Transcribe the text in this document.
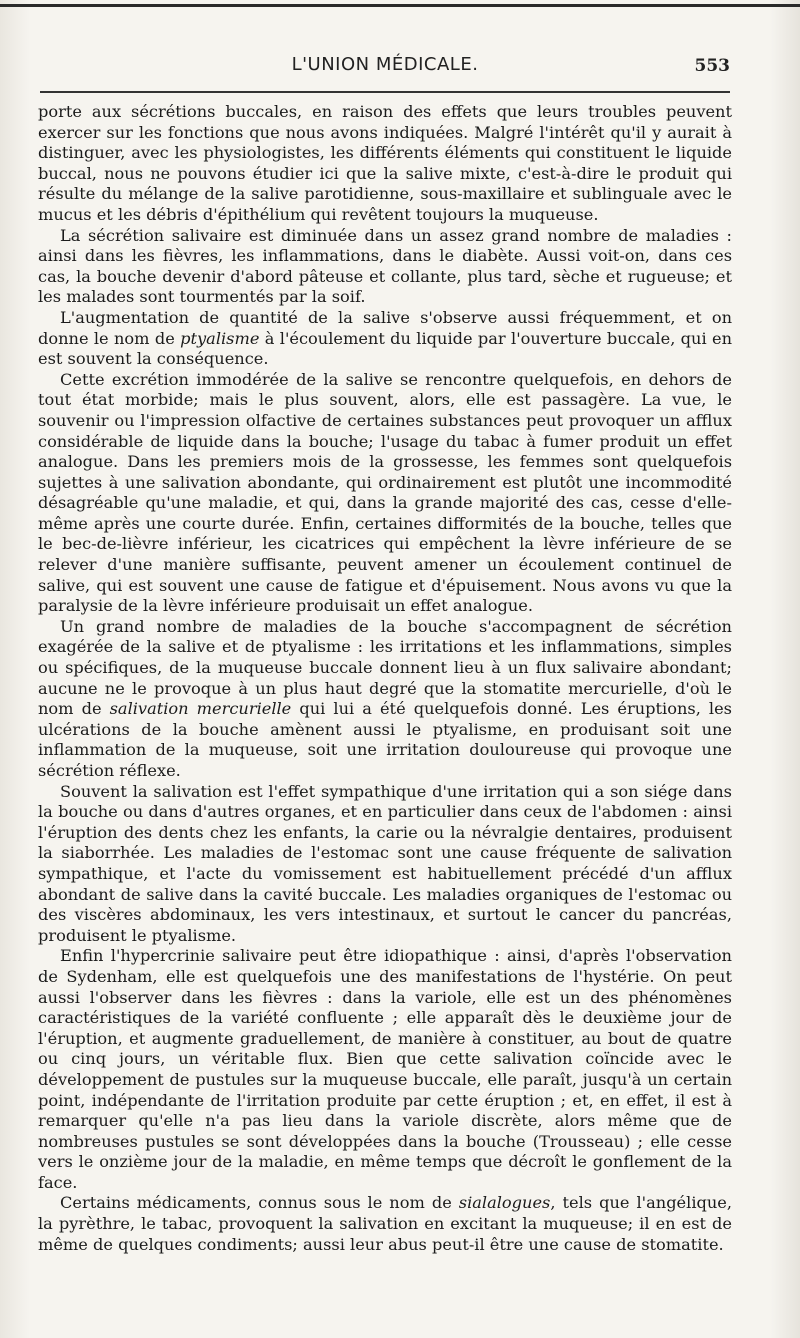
L'UNION MÉDICALE.	553

porte aux sécrétions buccales, en raison des effets que leurs troubles peuvent exercer sur les fonctions que nous avons indiquées. Malgré l'intérêt qu'il y aurait à distinguer, avec les physiologistes, les différents éléments qui constituent le liquide buccal, nous ne pouvons étudier ici que la salive mixte, c'est-à-dire le produit qui résulte du mélange de la salive parotidienne, sous-maxillaire et sublinguale avec le mucus et les débris d'épithélium qui revêtent toujours la muqueuse.

La sécrétion salivaire est diminuée dans un assez grand nombre de maladies : ainsi dans les fièvres, les inflammations, dans le diabète. Aussi voit-on, dans ces cas, la bouche devenir d'abord pâteuse et collante, plus tard, sèche et rugueuse; et les malades sont tourmentés par la soif.

L'augmentation de quantité de la salive s'observe aussi fréquemment, et on donne le nom de ptyalisme à l'écoulement du liquide par l'ouverture buccale, qui en est souvent la conséquence.

Cette excrétion immodérée de la salive se rencontre quelquefois, en dehors de tout état morbide; mais le plus souvent, alors, elle est passagère. La vue, le souvenir ou l'impression olfactive de certaines substances peut provoquer un afflux considérable de liquide dans la bouche; l'usage du tabac à fumer produit un effet analogue. Dans les premiers mois de la grossesse, les femmes sont quelquefois sujettes à une salivation abondante, qui ordinairement est plutôt une incommodité désagréable qu'une maladie, et qui, dans la grande majorité des cas, cesse d'elle-même après une courte durée. Enfin, certaines difformités de la bouche, telles que le bec-de-lièvre inférieur, les cicatrices qui empêchent la lèvre inférieure de se relever d'une manière suffisante, peuvent amener un écoulement continuel de salive, qui est souvent une cause de fatigue et d'épuisement. Nous avons vu que la paralysie de la lèvre inférieure produisait un effet analogue.

Un grand nombre de maladies de la bouche s'accompagnent de sécrétion exagérée de la salive et de ptyalisme : les irritations et les inflammations, simples ou spécifiques, de la muqueuse buccale donnent lieu à un flux salivaire abondant; aucune ne le provoque à un plus haut degré que la stomatite mercurielle, d'où le nom de salivation mercurielle qui lui a été quelquefois donné. Les éruptions, les ulcérations de la bouche amènent aussi le ptyalisme, en produisant soit une inflammation de la muqueuse, soit une irritation douloureuse qui provoque une sécrétion réflexe.

Souvent la salivation est l'effet sympathique d'une irritation qui a son siége dans la bouche ou dans d'autres organes, et en particulier dans ceux de l'abdomen : ainsi l'éruption des dents chez les enfants, la carie ou la névralgie dentaires, produisent la siaborrhée. Les maladies de l'estomac sont une cause fréquente de salivation sympathique, et l'acte du vomissement est habituellement précédé d'un afflux abondant de salive dans la cavité buccale. Les maladies organiques de l'estomac ou des viscères abdominaux, les vers intestinaux, et surtout le cancer du pancréas, produisent le ptyalisme.

Enfin l'hypercrinie salivaire peut être idiopathique : ainsi, d'après l'observation de Sydenham, elle est quelquefois une des manifestations de l'hystérie. On peut aussi l'observer dans les fièvres : dans la variole, elle est un des phénomènes caractéristiques de la variété confluente ; elle apparaît dès le deuxième jour de l'éruption, et augmente graduellement, de manière à constituer, au bout de quatre ou cinq jours, un véritable flux. Bien que cette salivation coïncide avec le développement de pustules sur la muqueuse buccale, elle paraît, jusqu'à un certain point, indépendante de l'irritation produite par cette éruption ; et, en effet, il est à remarquer qu'elle n'a pas lieu dans la variole discrète, alors même que de nombreuses pustules se sont développées dans la bouche (Trousseau) ; elle cesse vers le onzième jour de la maladie, en même temps que décroît le gonflement de la face.

Certains médicaments, connus sous le nom de sialalogues, tels que l'angélique, la pyrèthre, le tabac, provoquent la salivation en excitant la muqueuse; il en est de même de quelques condiments; aussi leur abus peut-il être une cause de stomatite.
